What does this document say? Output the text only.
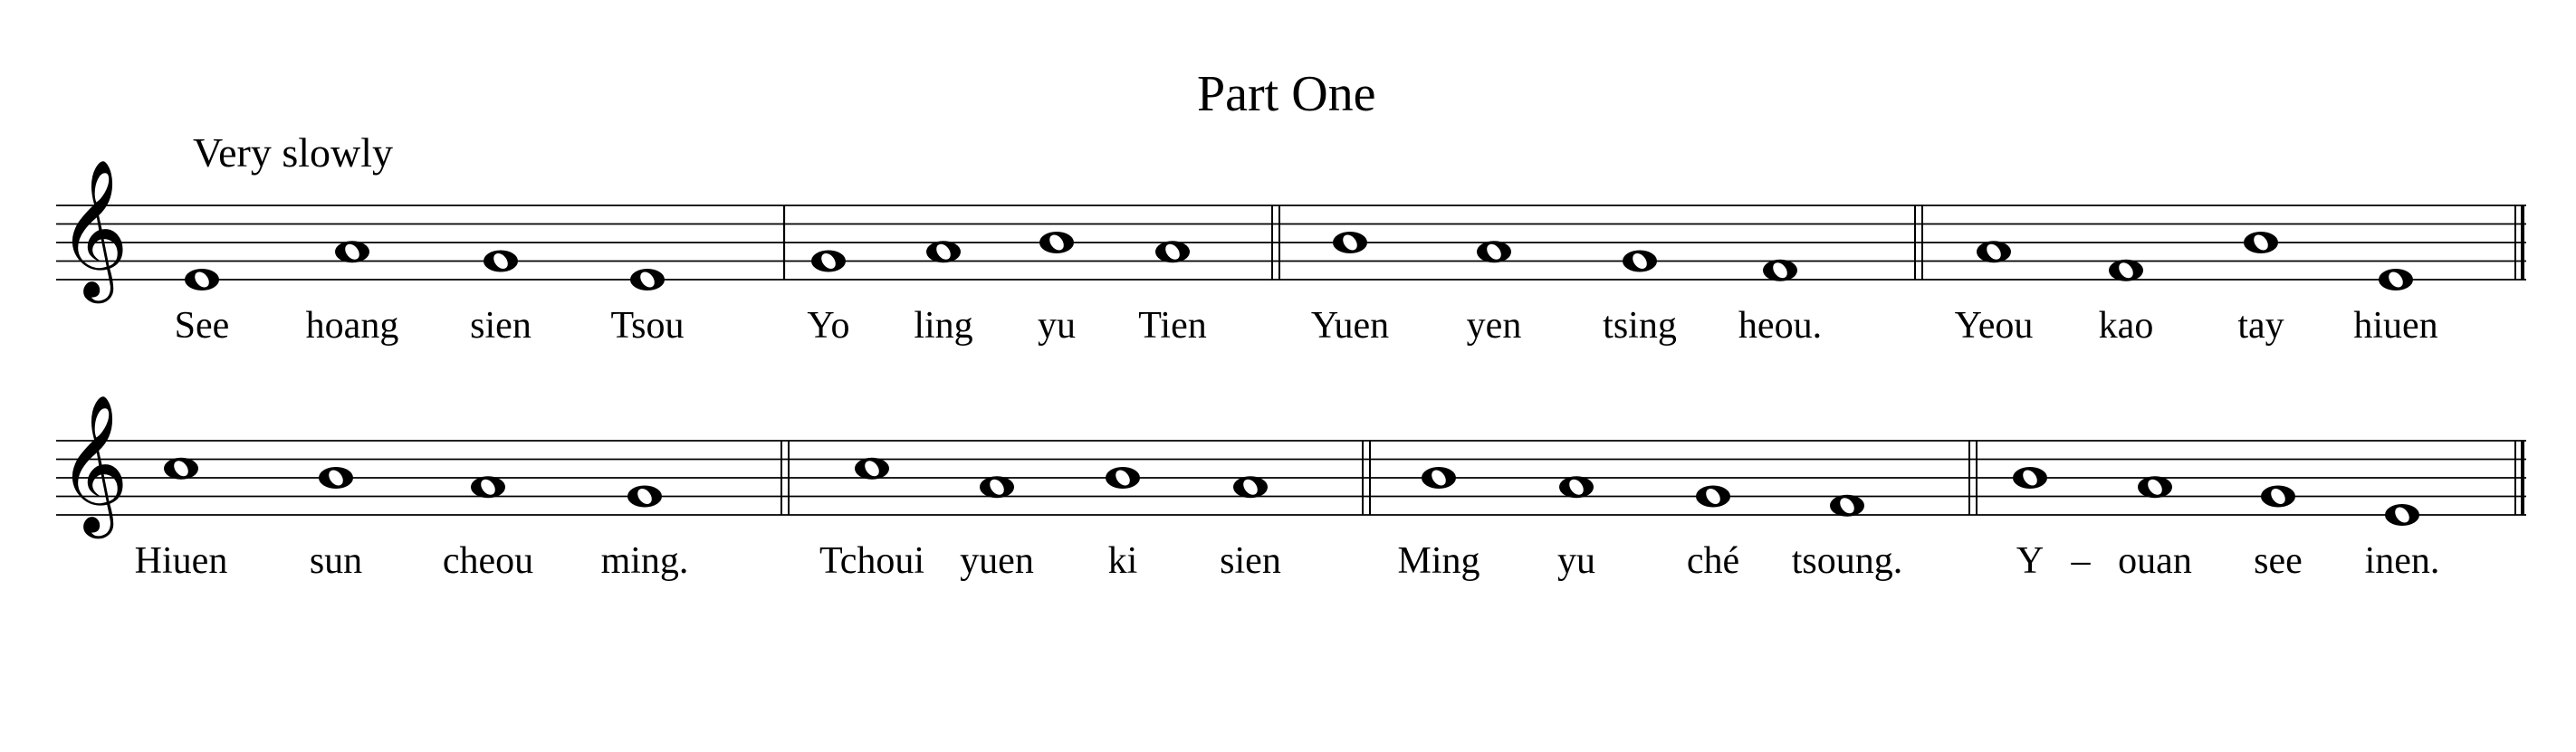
Part One
Very slowly
𝄞
See hoang sien Tsou	Yo ling yu Tien	Yuen yen tsing heou.	Yeou kao tay hiuen
𝄞
Hiuen sun cheou ming.	Tchoui yuen ki sien	Ming yu ché tsoung.	Y ouan see inen.
–
